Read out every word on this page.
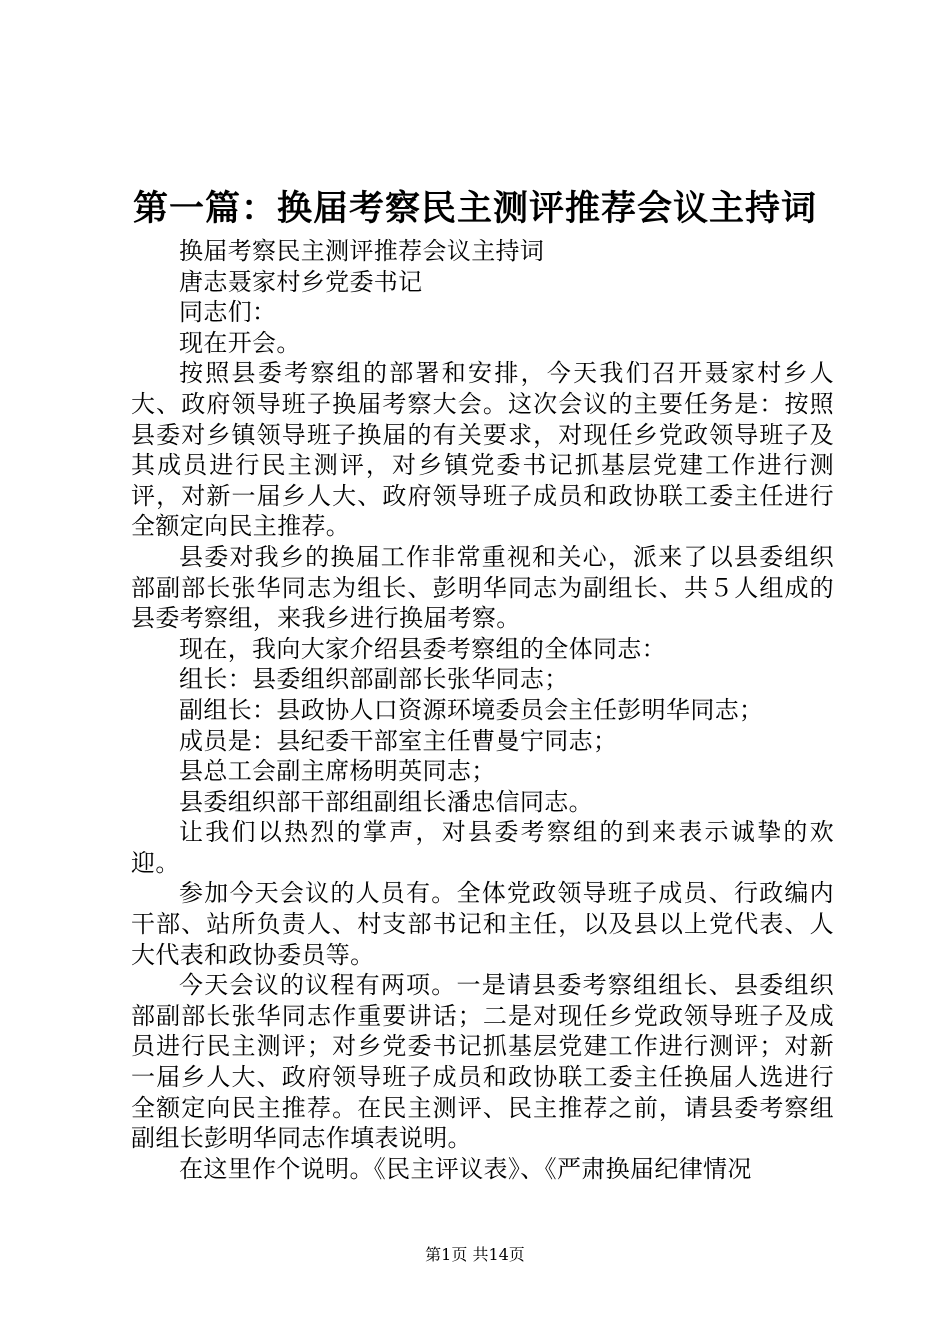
第一篇：换届考察民主测评推荐会议主持词

换届考察民主测评推荐会议主持词

唐志聂家村乡党委书记

同志们：

现在开会。

按照县委考察组的部署和安排，今天我们召开聂家村乡人大、政府领导班子换届考察大会。这次会议的主要任务是：按照县委对乡镇领导班子换届的有关要求，对现任乡党政领导班子及其成员进行民主测评，对乡镇党委书记抓基层党建工作进行测评，对新一届乡人大、政府领导班子成员和政协联工委主任进行全额定向民主推荐。

县委对我乡的换届工作非常重视和关心，派来了以县委组织部副部长张华同志为组长、彭明华同志为副组长、共５人组成的县委考察组，来我乡进行换届考察。

现在，我向大家介绍县委考察组的全体同志：

组长：县委组织部副部长张华同志；

副组长：县政协人口资源环境委员会主任彭明华同志；

成员是：县纪委干部室主任曹曼宁同志；

县总工会副主席杨明英同志；

县委组织部干部组副组长潘忠信同志。

让我们以热烈的掌声，对县委考察组的到来表示诚挚的欢迎。

参加今天会议的人员有。全体党政领导班子成员、行政编内干部、站所负责人、村支部书记和主任，以及县以上党代表、人大代表和政协委员等。

今天会议的议程有两项。一是请县委考察组组长、县委组织部副部长张华同志作重要讲话；二是对现任乡党政领导班子及成员进行民主测评；对乡党委书记抓基层党建工作进行测评；对新一届乡人大、政府领导班子成员和政协联工委主任换届人选进行全额定向民主推荐。在民主测评、民主推荐之前，请县委考察组副组长彭明华同志作填表说明。

在这里作个说明。《民主评议表》、《严肃换届纪律情况

第1页 共14页
